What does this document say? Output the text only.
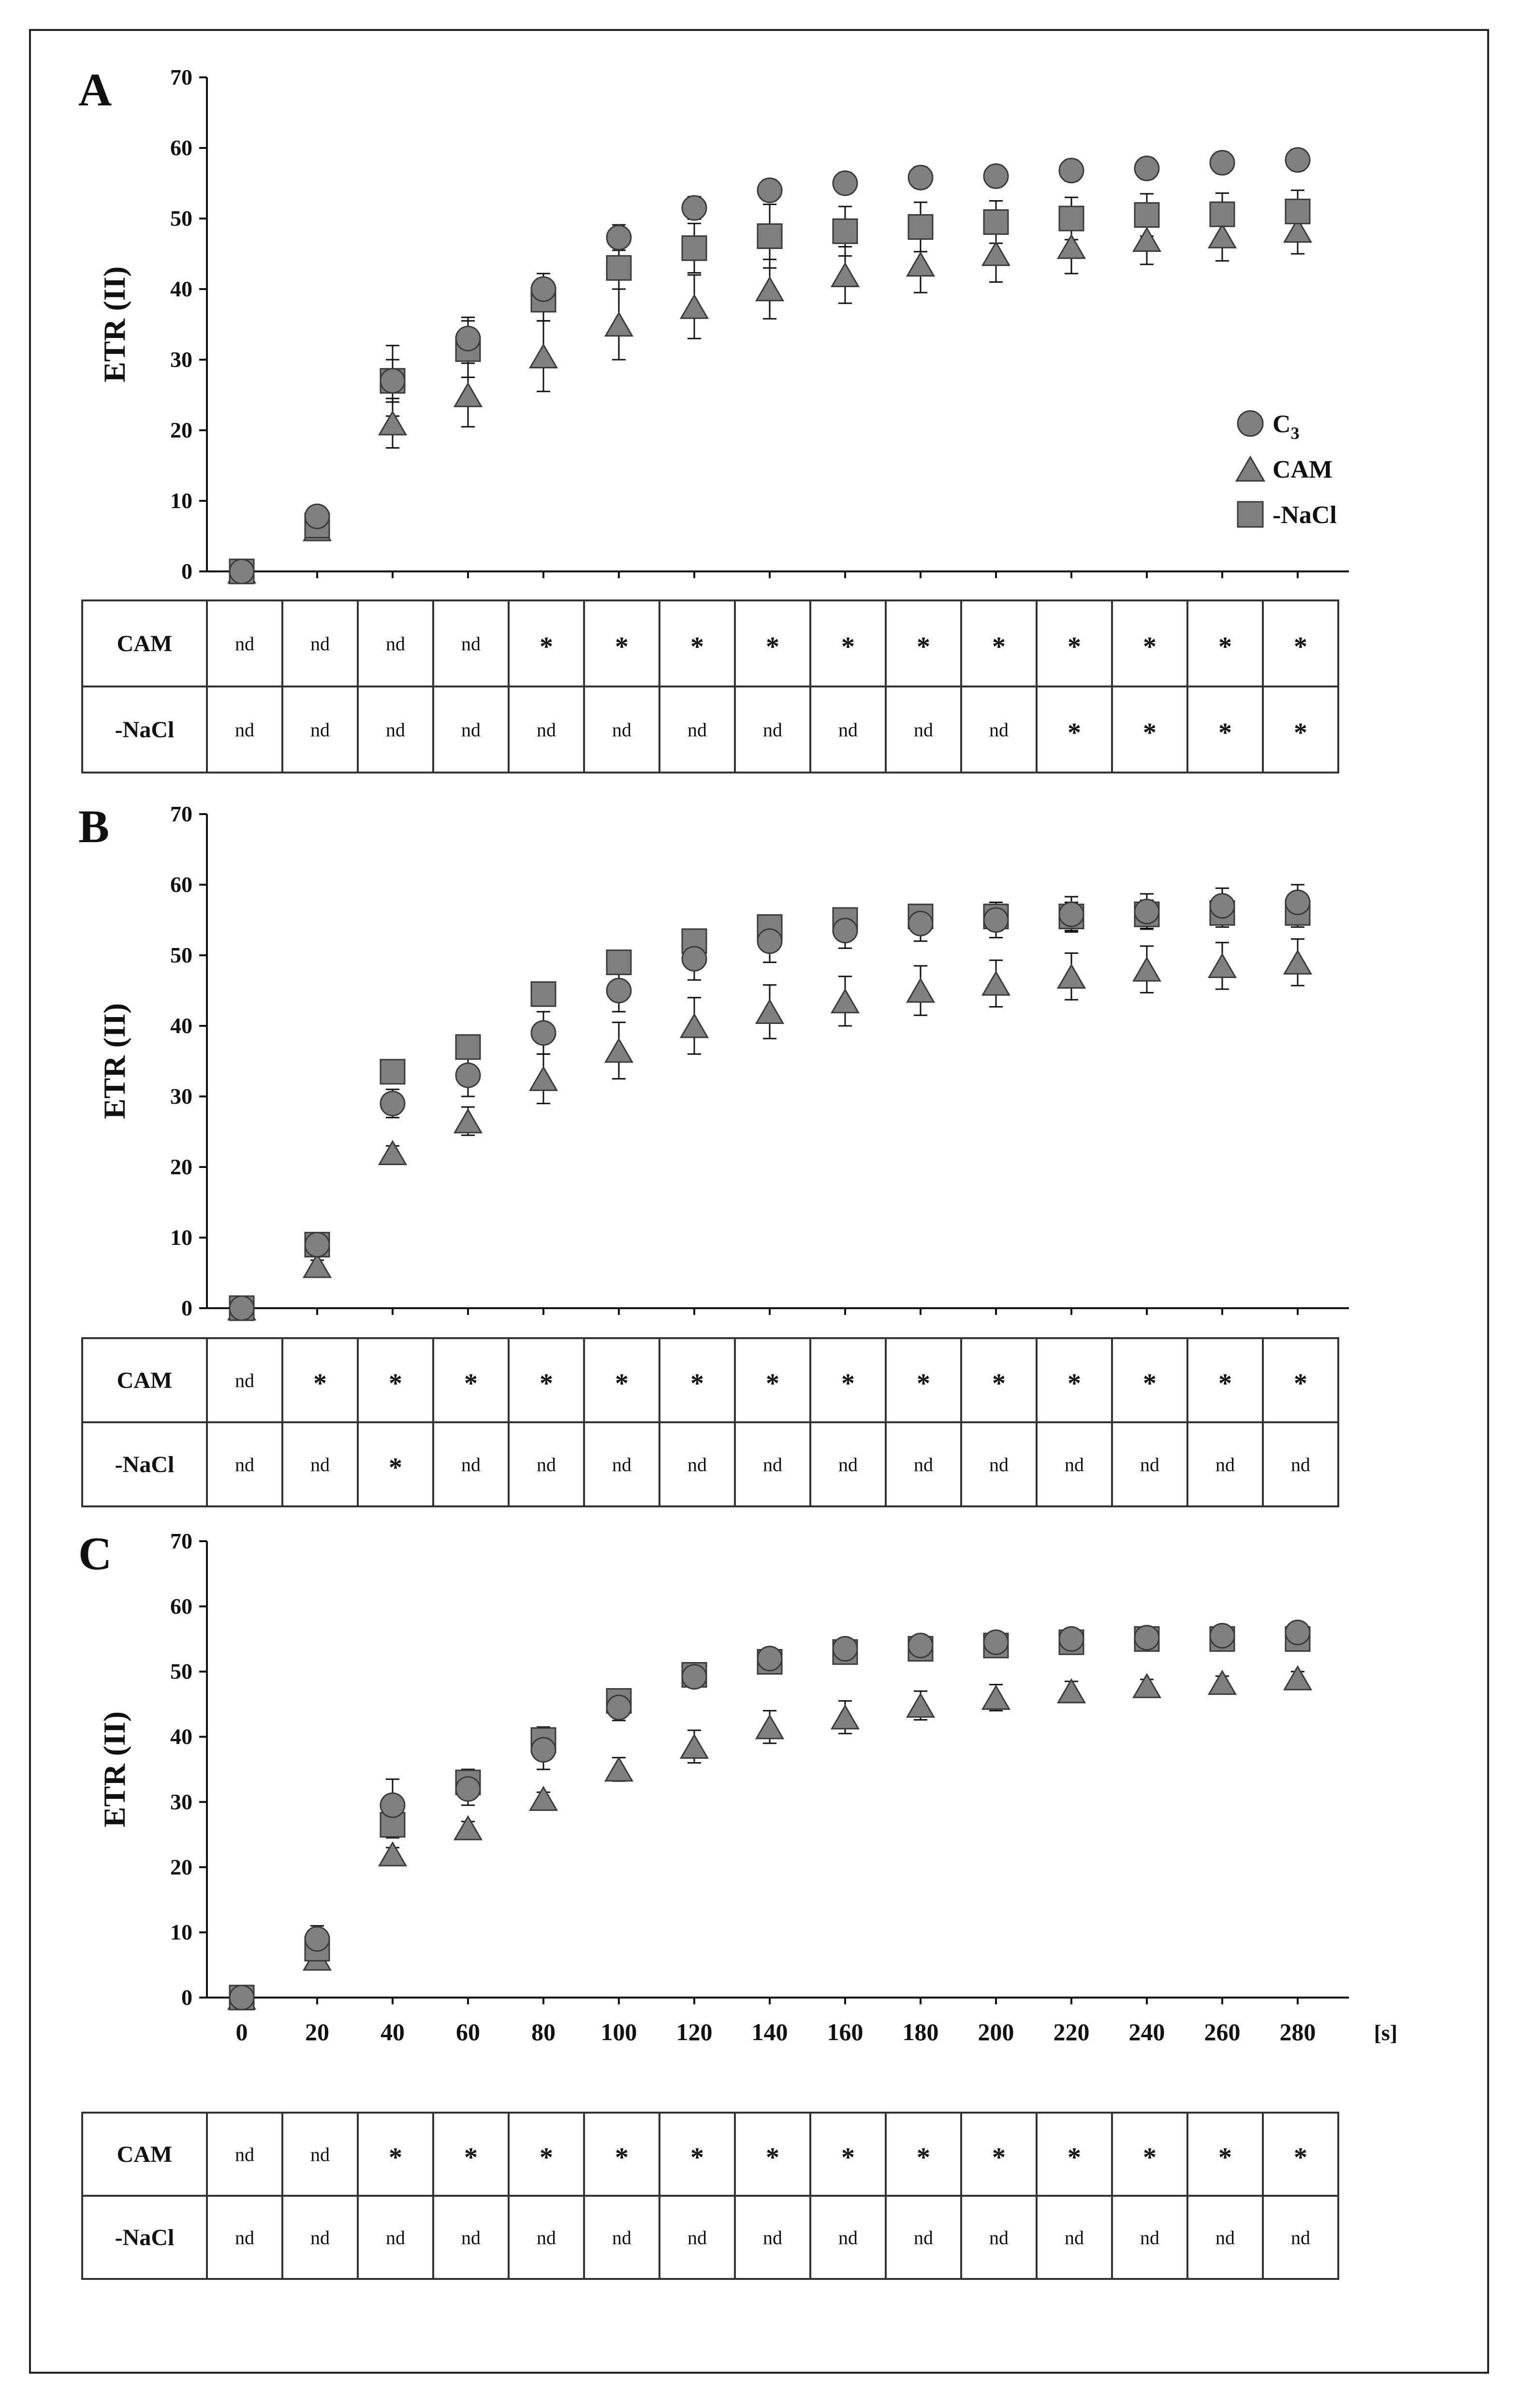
A
0
10
20
30
40
50
60
70
ETR (II)
$C_3$
CAM
-NaCl
B
0
10
20
30
40
50
60
70
ETR (II)
C
0
10
20
30
40
50
60
70
0 20 40 60 80 100 120 140 160 180 200 220 240 260 280	[s]
ETR (II)
CAM	nd	nd	nd	nd	*	*	*	*	*	*	*	*	*	*	*
-NaCl	nd	nd	nd	nd	nd	nd	nd	nd	nd	nd	nd	*	*	*	*
CAM	nd	*	*	*	*	*	*	*	*	*	*	*	*	*	*
-NaCl	nd	nd	*	nd	nd	nd	nd	nd	nd	nd	nd	nd	nd	nd	nd
CAM	nd	nd	*	*	*	*	*	*	*	*	*	*	*	*	*
-NaCl	nd	nd	nd	nd	nd	nd	nd	nd	nd	nd	nd	nd	nd	nd	nd
